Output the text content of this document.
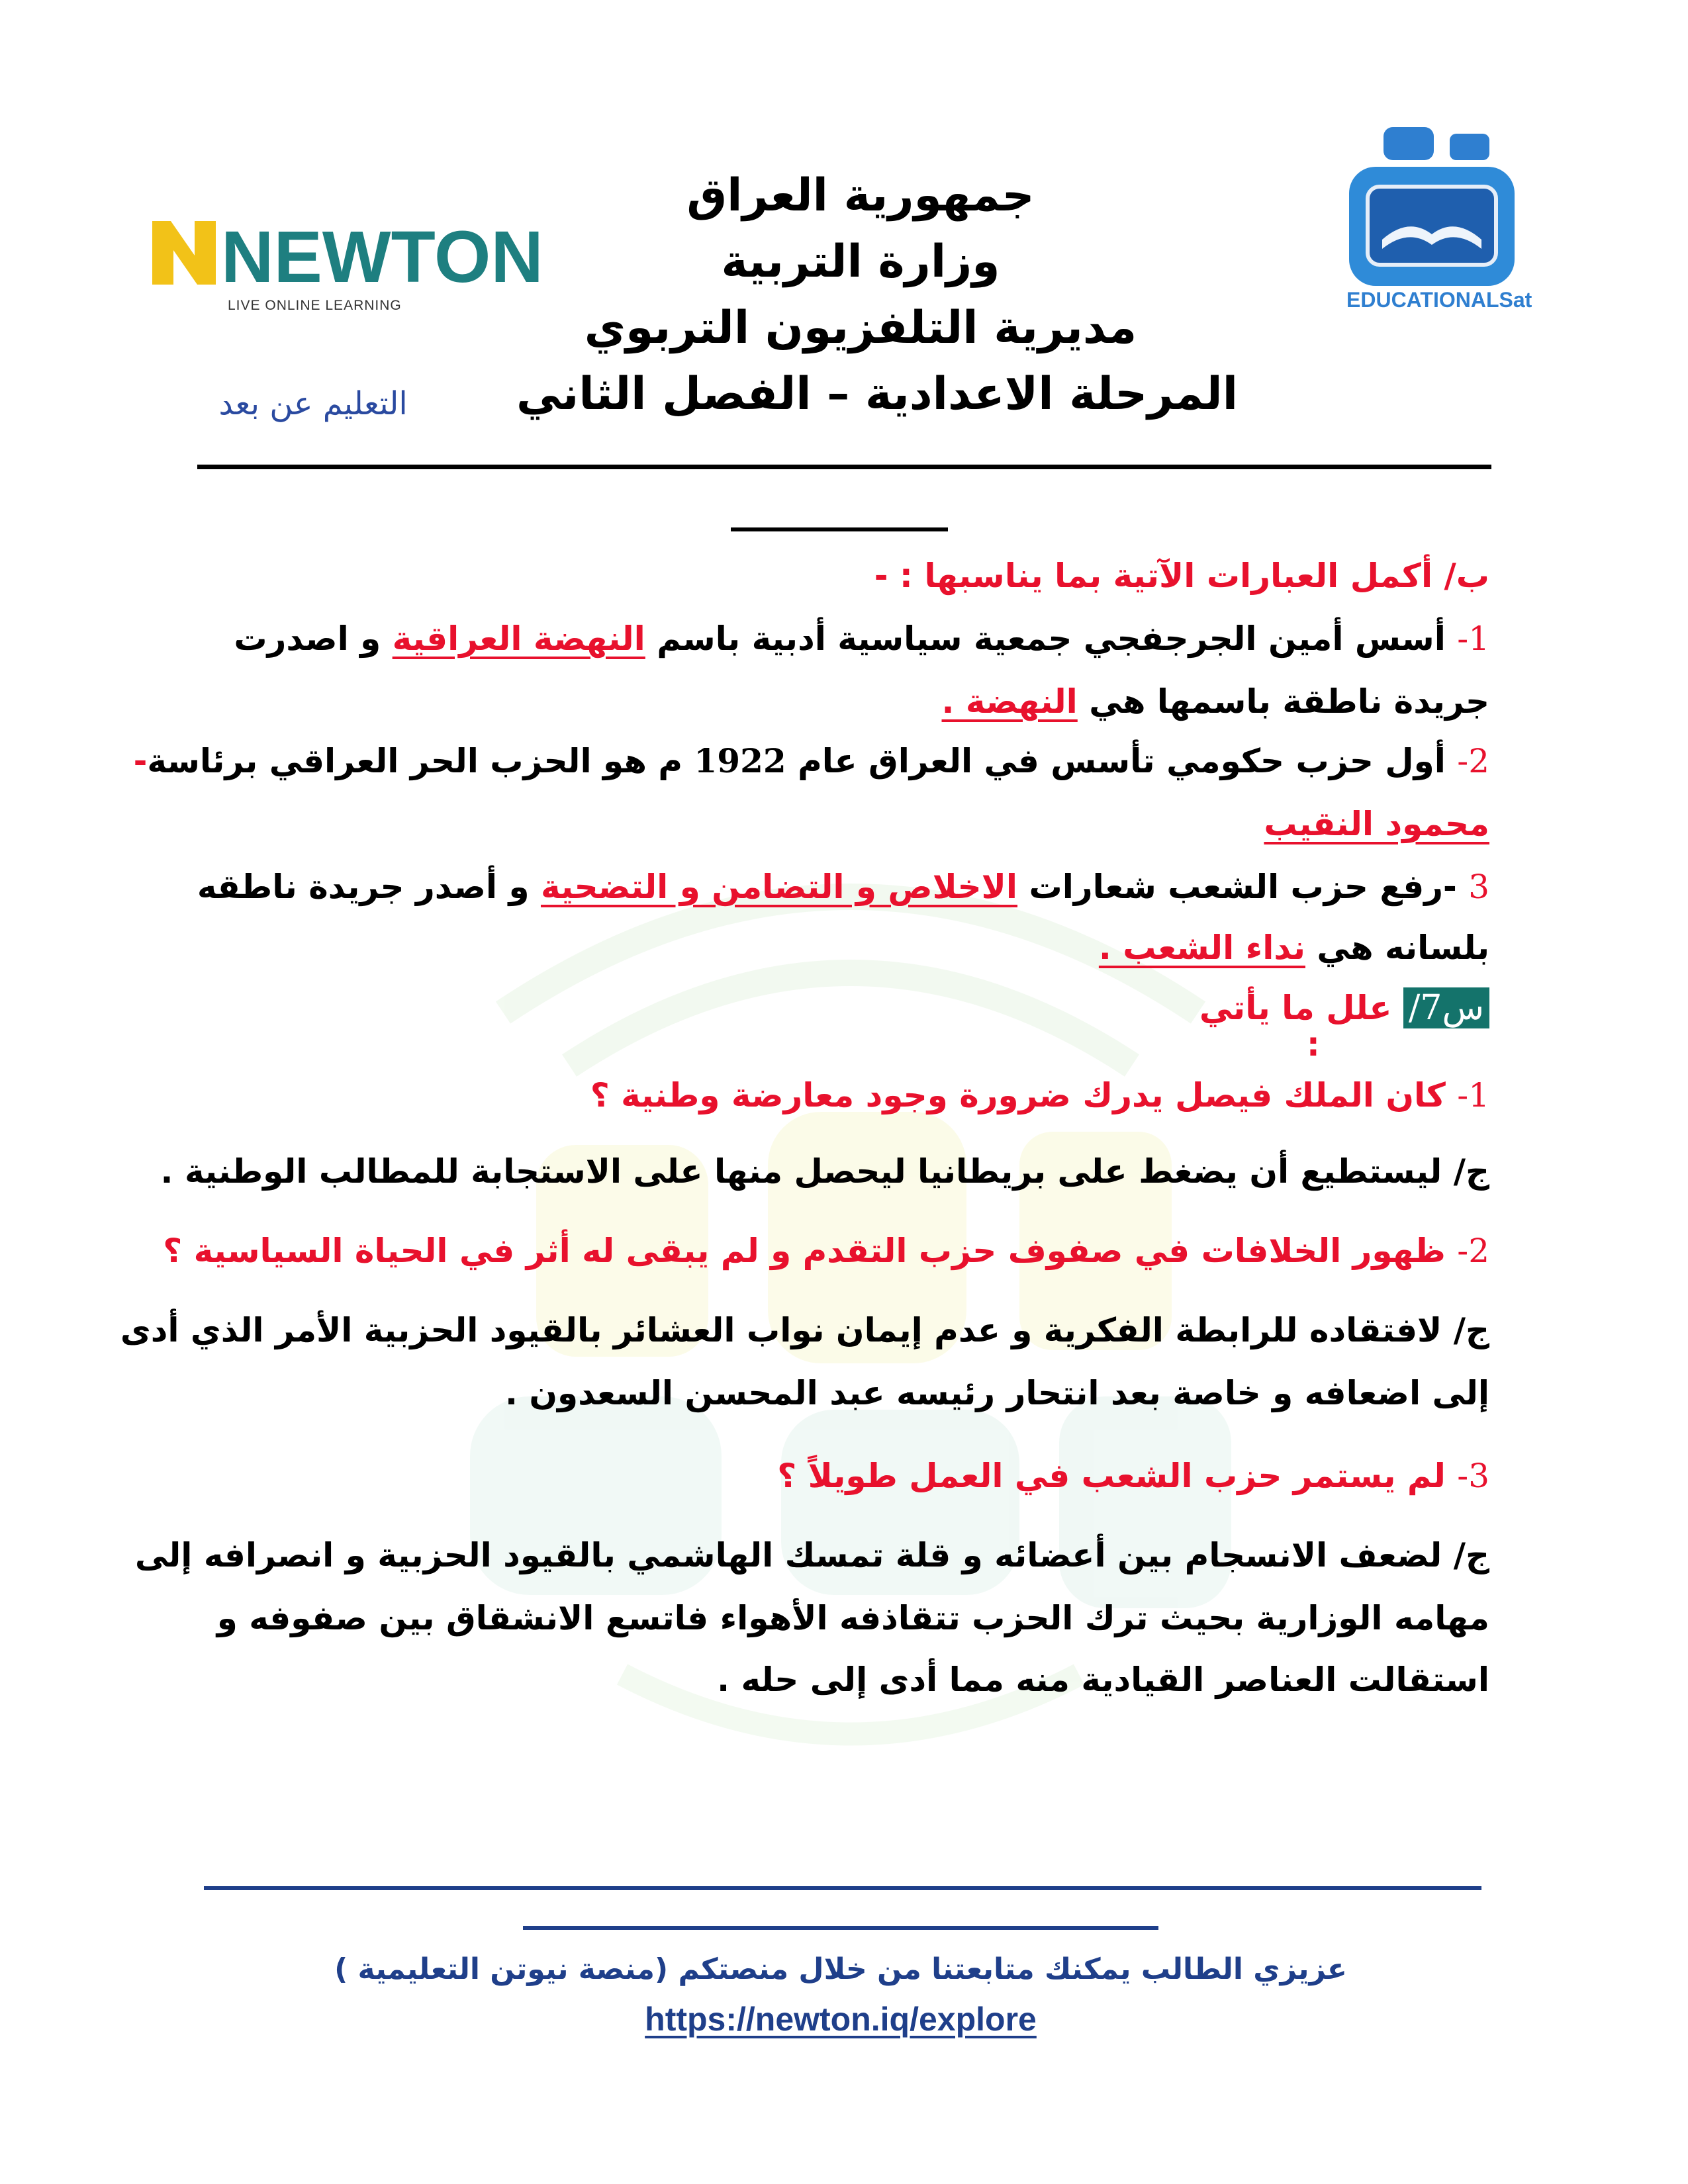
NEWTON
LIVE ONLINE LEARNING	EDUCATIONALSat
جمهورية العراق
وزارة التربية
مديرية التلفزيون التربوي
المرحلة الاعدادية – الفصل الثاني
التعليم عن بعد
ب/ أكمل العبارات الآتية بما يناسبها : -
1- أسس أمين الجرجفجي جمعية سياسية أدبية باسم النهضة العراقية و اصدرت
جريدة ناطقة باسمها هي النهضة .
2- أول حزب حكومي تأسس في العراق عام 1922 م هو الحزب الحر العراقي برئاسة-
محمود النقيب
3 -رفع حزب الشعب شعارات الاخلاص و التضامن و التضحية و أصدر جريدة ناطقه
بلسانه هي نداء الشعب .
س7/ علل ما يأتي
:
1- كان الملك فيصل يدرك ضرورة وجود معارضة وطنية ؟
ج/ ليستطيع أن يضغط على بريطانيا ليحصل منها على الاستجابة للمطالب الوطنية .
2- ظهور الخلافات في صفوف حزب التقدم و لم يبقى له أثر في الحياة السياسية ؟
ج/ لافتقاده للرابطة الفكرية و عدم إيمان نواب العشائر بالقيود الحزبية الأمر الذي أدى
إلى اضعافه و خاصة بعد انتحار رئيسه عبد المحسن السعدون .
3- لم يستمر حزب الشعب في العمل طويلاً ؟
ج/ لضعف الانسجام بين أعضائه و قلة تمسك الهاشمي بالقيود الحزبية و انصرافه إلى
مهامه الوزارية بحيث ترك الحزب تتقاذفه الأهواء فاتسع الانشقاق بين صفوفه و
استقالت العناصر القيادية منه مما أدى إلى حله .
عزيزي الطالب يمكنك متابعتنا من خلال منصتكم (منصة نيوتن التعليمية )
https://newton.iq/explore
